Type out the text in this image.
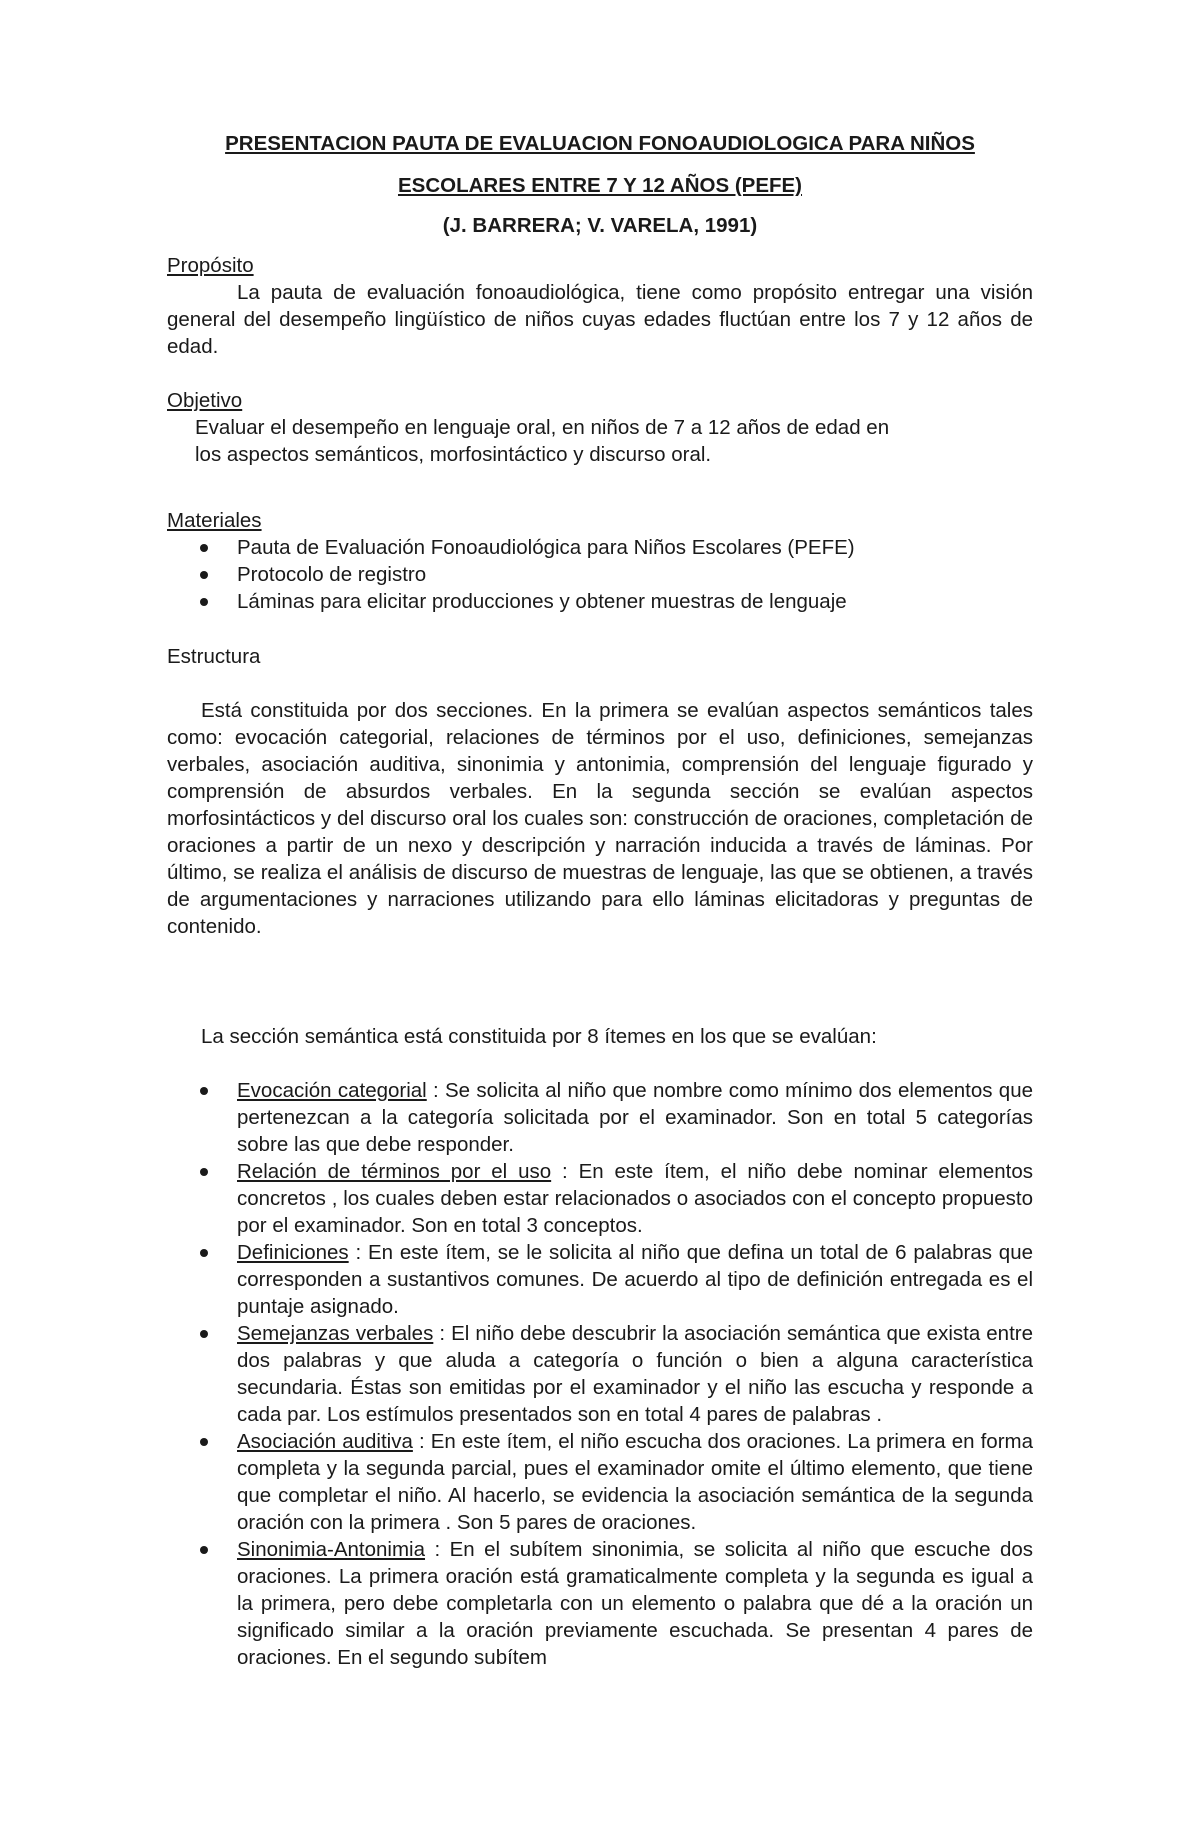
PRESENTACION PAUTA DE EVALUACION FONOAUDIOLOGICA PARA NIÑOS
ESCOLARES ENTRE 7 Y 12 AÑOS (PEFE)
(J. BARRERA; V. VARELA, 1991)
Propósito
La pauta de evaluación fonoaudiológica, tiene como propósito entregar una visión general del desempeño lingüístico de niños cuyas edades fluctúan entre los 7 y 12 años de edad.
Objetivo
Evaluar el desempeño en lenguaje oral, en niños de 7 a 12 años de edad en
los aspectos semánticos, morfosintáctico y discurso oral.
Materiales
Pauta de Evaluación Fonoaudiológica para Niños Escolares (PEFE)
Protocolo de registro
Láminas para elicitar producciones y obtener muestras de lenguaje
Estructura
Está constituida por dos secciones. En la primera se evalúan aspectos semánticos tales como: evocación categorial, relaciones de términos por el uso, definiciones, semejanzas verbales, asociación auditiva, sinonimia y antonimia, comprensión del lenguaje figurado y comprensión de absurdos verbales. En la segunda sección se evalúan aspectos morfosintácticos y del discurso oral los cuales son: construcción de oraciones, completación de oraciones a partir de un nexo y descripción y narración inducida a través de láminas. Por último, se realiza el análisis de discurso de muestras de lenguaje, las que se obtienen, a través de argumentaciones y narraciones utilizando para ello láminas elicitadoras y preguntas de contenido.
La sección semántica está constituida por 8 ítemes en los que se evalúan:
Evocación categorial : Se solicita al niño que nombre como mínimo dos elementos que pertenezcan a la categoría solicitada por el examinador. Son en total 5 categorías sobre las que debe responder.
Relación de términos por el uso : En este ítem, el niño debe nominar elementos concretos , los cuales deben estar relacionados o asociados con el concepto propuesto por el examinador. Son en total 3 conceptos.
Definiciones : En este ítem, se le solicita al niño que defina un total de 6 palabras que corresponden a sustantivos comunes. De acuerdo al tipo de definición entregada es el puntaje asignado.
Semejanzas verbales : El niño debe descubrir la asociación semántica que exista entre dos palabras y que aluda a categoría o función o bien a alguna característica secundaria. Éstas son emitidas por el examinador y el niño las escucha y responde a cada par. Los estímulos presentados son en total 4 pares de palabras .
Asociación auditiva : En este ítem, el niño escucha dos oraciones. La primera en forma completa y la segunda parcial, pues el examinador omite el último elemento, que tiene que completar el niño. Al hacerlo, se evidencia la asociación semántica de la segunda oración con la primera . Son 5 pares de oraciones.
Sinonimia-Antonimia : En el subítem sinonimia, se solicita al niño que escuche dos oraciones. La primera oración está gramaticalmente completa y la segunda es igual a la primera, pero debe completarla con un elemento o palabra que dé a la oración un significado similar a la oración previamente escuchada. Se presentan 4 pares de oraciones. En el segundo subítem
